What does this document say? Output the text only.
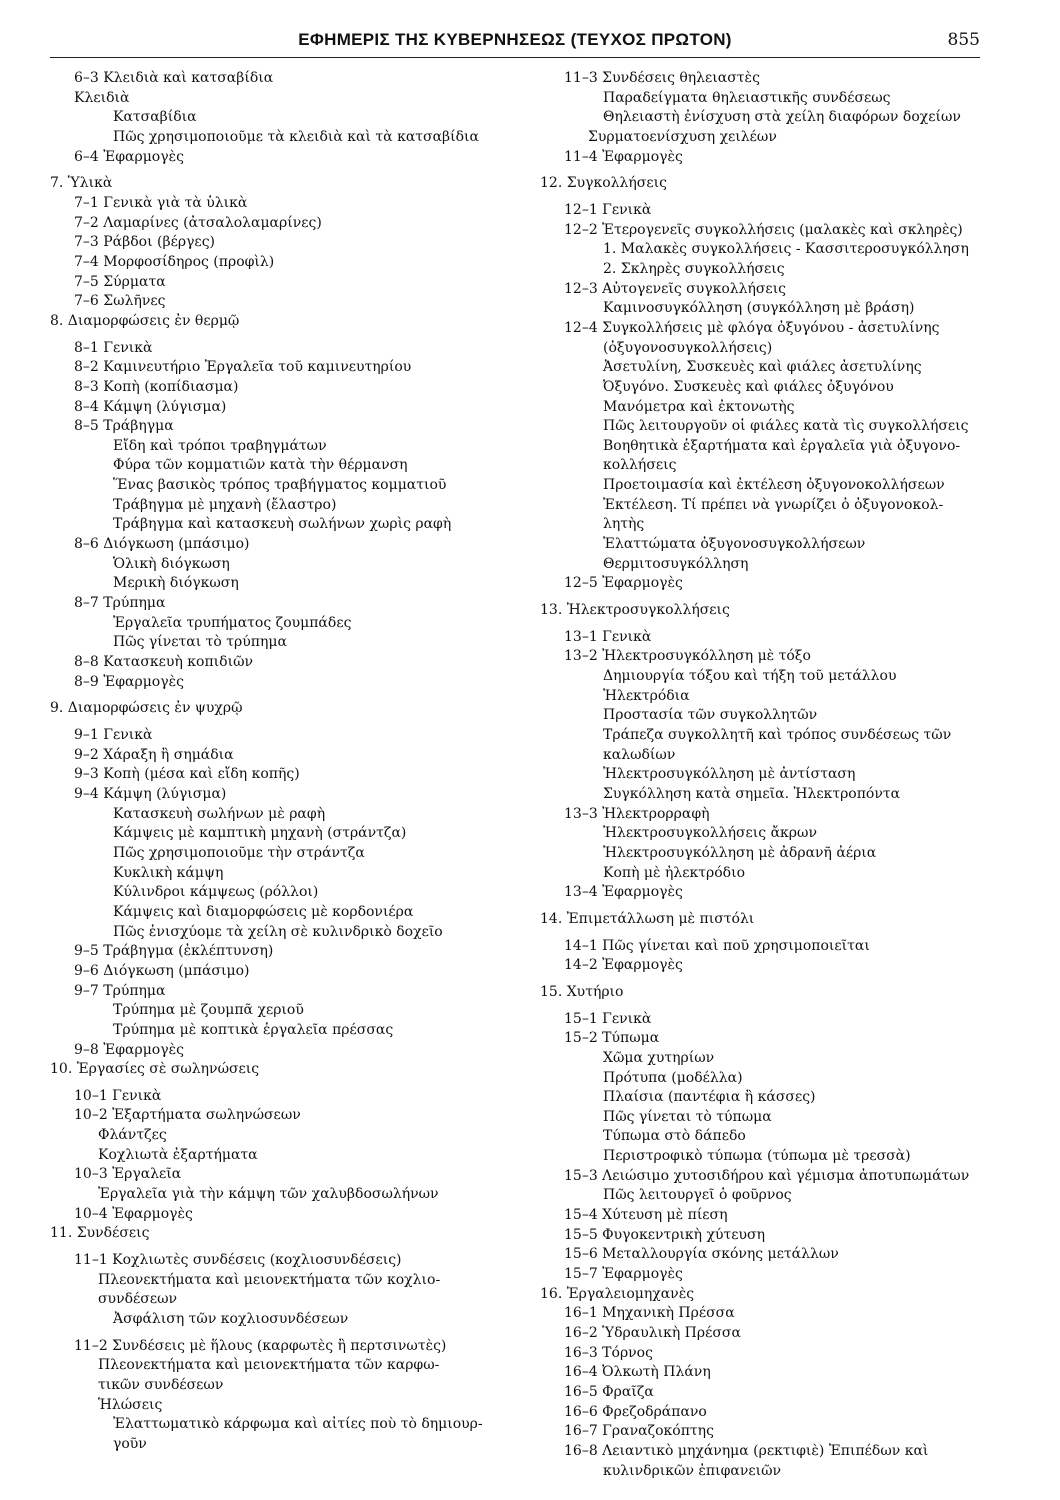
ΕΦΗΜΕΡΙΣ ΤΗΣ ΚΥΒΕΡΝΗΣΕΩΣ (ΤΕΥΧΟΣ ΠΡΩΤΟΝ)	855
6–3 Κλειδιὰ καὶ κατσαβίδια
Κλειδιὰ
Κατσαβίδια
Πῶς χρησιμοποιοῦμε τὰ κλειδιὰ καὶ τὰ κατσαβίδια
6–4 Ἐφαρμογὲς
7. Ὑλικὰ
7–1 Γενικὰ γιὰ τὰ ὑλικὰ
7–2 Λαμαρίνες (ἀτσαλολαμαρίνες)
7–3 Ράβδοι (βέργες)
7–4 Μορφοσίδηρος (προφὶλ)
7–5 Σύρματα
7–6 Σωλῆνες
8. Διαμορφώσεις ἐν θερμῷ
8–1 Γενικὰ
8–2 Καμινευτήριο Ἐργαλεῖα τοῦ καμινευτηρίου
8–3 Κοπὴ (κοπίδιασμα)
8–4 Κάμψη (λύγισμα)
8–5 Τράβηγμα
Εἴδη καὶ τρόποι τραβηγμάτων
Φύρα τῶν κομματιῶν κατὰ τὴν θέρμανση
Ἕνας βασικὸς τρόπος τραβήγματος κομματιοῦ
Τράβηγμα μὲ μηχανὴ (ἔλαστρο)
Τράβηγμα καὶ κατασκευὴ σωλήνων χωρὶς ραφὴ
8–6 Διόγκωση (μπάσιμο)
Ὁλικὴ διόγκωση
Μερικὴ διόγκωση
8–7 Τρύπημα
Ἐργαλεῖα τρυπήματος ζουμπάδες
Πῶς γίνεται τὸ τρύπημα
8–8 Κατασκευὴ κοπιδιῶν
8–9 Ἐφαρμογὲς
9. Διαμορφώσεις ἐν ψυχρῷ
9–1 Γενικὰ
9–2 Χάραξη ἢ σημάδια
9–3 Κοπὴ (μέσα καὶ εἴδη κοπῆς)
9–4 Κάμψη (λύγισμα)
Κατασκευὴ σωλήνων μὲ ραφὴ
Κάμψεις μὲ καμπτικὴ μηχανὴ (στράντζα)
Πῶς χρησιμοποιοῦμε τὴν στράντζα
Κυκλικὴ κάμψη
Κύλινδροι κάμψεως (ρόλλοι)
Κάμψεις καὶ διαμορφώσεις μὲ κορδονιέρα
Πῶς ἐνισχύομε τὰ χείλη σὲ κυλινδρικὸ δοχεῖο
9–5 Τράβηγμα (ἐκλέπτυνση)
9–6 Διόγκωση (μπάσιμο)
9–7 Τρύπημα
Τρύπημα μὲ ζουμπᾶ χεριοῦ
Τρύπημα μὲ κοπτικὰ ἐργαλεῖα πρέσσας
9–8 Ἐφαρμογὲς
10. Ἐργασίες σὲ σωληνώσεις
10–1 Γενικὰ
10–2 Ἐξαρτήματα σωληνώσεων
Φλάντζες
Κοχλιωτὰ ἐξαρτήματα
10–3 Ἐργαλεῖα
Ἐργαλεῖα γιὰ τὴν κάμψη τῶν χαλυβδοσωλήνων
10–4 Ἐφαρμογὲς
11. Συνδέσεις
11–1 Κοχλιωτὲς συνδέσεις (κοχλιοσυνδέσεις)
Πλεονεκτήματα καὶ μειονεκτήματα τῶν κοχλιο-
συνδέσεων
Ἀσφάλιση τῶν κοχλιοσυνδέσεων
11–2 Συνδέσεις μὲ ἥλους (καρφωτὲς ἢ περτσινωτὲς)
Πλεονεκτήματα καὶ μειονεκτήματα τῶν καρφω-
τικῶν συνδέσεων
Ἡλώσεις
Ἐλαττωματικὸ κάρφωμα καὶ αἰτίες ποὺ τὸ δημιουρ-
γοῦν
11–3 Συνδέσεις θηλειαστὲς
Παραδείγματα θηλειαστικῆς συνδέσεως
Θηλειαστὴ ἐνίσχυση στὰ χείλη διαφόρων δοχείων
Συρματοενίσχυση χειλέων
11–4 Ἐφαρμογὲς
12. Συγκολλήσεις
12–1 Γενικὰ
12–2 Ἑτερογενεῖς συγκολλήσεις (μαλακὲς καὶ σκληρὲς)
1. Μαλακὲς συγκολλήσεις - Κασσιτεροσυγκόλληση
2. Σκληρὲς συγκολλήσεις
12–3 Αὐτογενεῖς συγκολλήσεις
Καμινοσυγκόλληση (συγκόλληση μὲ βράση)
12–4 Συγκολλήσεις μὲ φλόγα ὀξυγόνου - ἀσετυλίνης
(ὀξυγονοσυγκολλήσεις)
Ἀσετυλίνη, Συσκευὲς καὶ φιάλες ἀσετυλίνης
Ὀξυγόνο. Συσκευὲς καὶ φιάλες ὀξυγόνου
Μανόμετρα καὶ ἐκτονωτὴς
Πῶς λειτουργοῦν οἱ φιάλες κατὰ τὶς συγκολλήσεις
Βοηθητικὰ ἐξαρτήματα καὶ ἐργαλεῖα γιὰ ὀξυγονο-
κολλήσεις
Προετοιμασία καὶ ἐκτέλεση ὀξυγονοκολλήσεων
Ἐκτέλεση. Τί πρέπει νὰ γνωρίζει ὁ ὀξυγονοκολ-
λητὴς
Ἐλαττώματα ὀξυγονοσυγκολλήσεων
Θερμιτοσυγκόλληση
12–5 Ἐφαρμογὲς
13. Ἠλεκτροσυγκολλήσεις
13–1 Γενικὰ
13–2 Ἠλεκτροσυγκόλληση μὲ τόξο
Δημιουργία τόξου καὶ τήξη τοῦ μετάλλου
Ἠλεκτρόδια
Προστασία τῶν συγκολλητῶν
Τράπεζα συγκολλητῆ καὶ τρόπος συνδέσεως τῶν
καλωδίων
Ἠλεκτροσυγκόλληση μὲ ἀντίσταση
Συγκόλληση κατὰ σημεῖα. Ἠλεκτροπόντα
13–3 Ἠλεκτρορραφὴ
Ἠλεκτροσυγκολλήσεις ἄκρων
Ἠλεκτροσυγκόλληση μὲ ἀδρανῆ ἀέρια
Κοπὴ μὲ ἠλεκτρόδιο
13–4 Ἐφαρμογὲς
14. Ἐπιμετάλλωση μὲ πιστόλι
14–1 Πῶς γίνεται καὶ ποῦ χρησιμοποιεῖται
14–2 Ἐφαρμογὲς
15. Χυτήριο
15–1 Γενικὰ
15–2 Τύπωμα
Χῶμα χυτηρίων
Πρότυπα (μοδέλλα)
Πλαίσια (παντέφια ἢ κάσσες)
Πῶς γίνεται τὸ τύπωμα
Τύπωμα στὸ δάπεδο
Περιστροφικὸ τύπωμα (τύπωμα μὲ τρεσσὰ)
15–3 Λειώσιμο χυτοσιδήρου καὶ γέμισμα ἀποτυπωμάτων
Πῶς λειτουργεῖ ὁ φοῦρνος
15–4 Χύτευση μὲ πίεση
15–5 Φυγοκεντρικὴ χύτευση
15–6 Μεταλλουργία σκόνης μετάλλων
15–7 Ἐφαρμογὲς
16. Ἐργαλειομηχανὲς
16–1 Μηχανικὴ Πρέσσα
16–2 Ὑδραυλικὴ Πρέσσα
16–3 Τόρνος
16–4 Ὀλκωτὴ Πλάνη
16–5 Φραῖζα
16–6 Φρεζοδράπανο
16–7 Γραναζοκόπτης
16–8 Λειαντικὸ μηχάνημα (ρεκτιφιὲ) Ἐπιπέδων καὶ
κυλινδρικῶν ἐπιφανειῶν
